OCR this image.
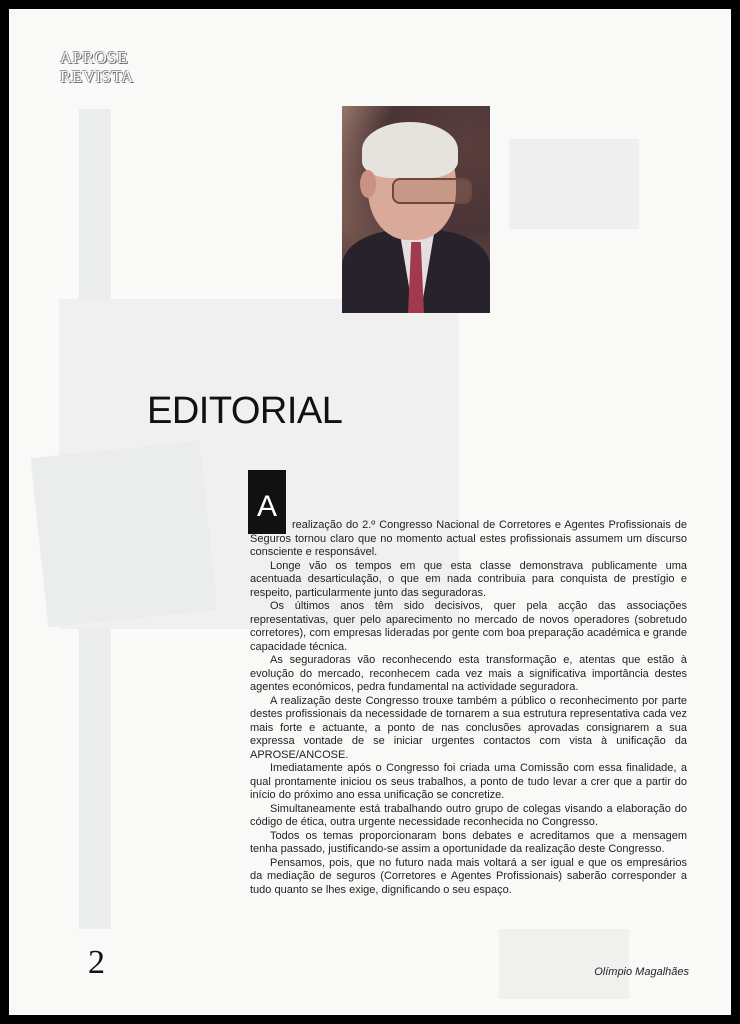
APROSE
REVISTA
EDITORIAL
A

realização do 2.º Congresso Nacional de Corretores e Agentes Profissionais de Seguros tornou claro que no momento actual estes profissionais assumem um discurso consciente e responsável.

Longe vão os tempos em que esta classe demonstrava publicamente uma acentuada desarticulação, o que em nada contribuia para conquista de prestígio e respeito, particularmente junto das seguradoras.

Os últimos anos têm sido decisivos, quer pela acção das associações representativas, quer pelo aparecimento no mercado de novos operadores (sobretudo corretores), com empresas lideradas por gente com boa preparação académica e grande capacidade técnica.

As seguradoras vão reconhecendo esta transformação e, atentas que estão à evolução do mercado, reconhecem cada vez mais a significativa importância destes agentes económicos, pedra fundamental na actividade seguradora.

A realização deste Congresso trouxe também a público o reconhecimento por parte destes profissionais da necessidade de tornarem a sua estrutura representativa cada vez mais forte e actuante, a ponto de nas conclusões aprovadas consignarem a sua expressa vontade de se iniciar urgentes contactos com vista à unificação da APROSE/ANCOSE.

Imediatamente após o Congresso foi criada uma Comissão com essa finalidade, a qual prontamente iniciou os seus trabalhos, a ponto de tudo levar a crer que a partir do início do próximo ano essa unificação se concretize.

Simultaneamente está trabalhando outro grupo de colegas visando a elaboração do código de ética, outra urgente necessidade reconhecida no Congresso.

Todos os temas proporcionaram bons debates e acreditamos que a mensagem tenha passado, justificando-se assim a oportunidade da realização deste Congresso.

Pensamos, pois, que no futuro nada mais voltará a ser igual e que os empresários da mediação de seguros (Corretores e Agentes Profissionais) saberão corresponder a tudo quanto se lhes exige, dignificando o seu espaço.

2	Olímpio Magalhães
